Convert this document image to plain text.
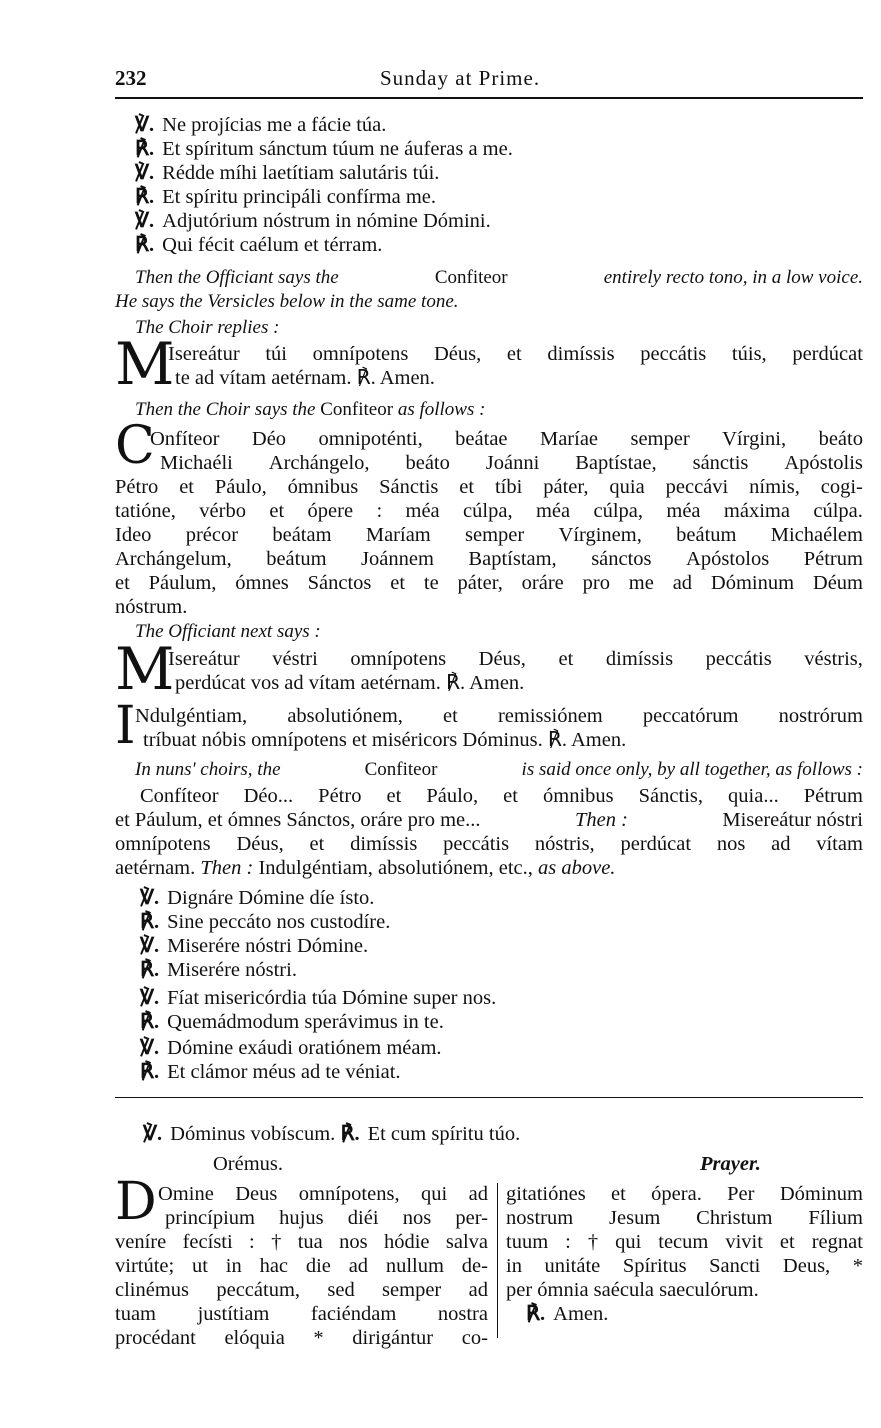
232	Sunday at Prime.
℣. Ne projícias me a fácie túa.
℟. Et spíritum sánctum túum ne áuferas a me.
℣. Rédde míhi laetítiam salutáris túi.
℟. Et spíritu principáli confírma me.
℣. Adjutórium nóstrum in nómine Dómini.
℟. Qui fécit caélum et térram.
Then the Officiant says the	Confiteor	entirely recto tono, in a low voice.
He says the Versicles below in the same tone.
The Choir replies :
M
Isereátur túi omnípotens Déus, et dimíssis peccátis túis, perdúcat
te ad vítam aetérnam. ℟. Amen.
Then the Choir says the Confiteor as follows :
C
Onfíteor Déo omnipoténti, beátae Maríae semper Vírgini, beáto
Michaéli Archángelo, beáto Joánni Baptístae, sánctis Apóstolis
Pétro et Páulo, ómnibus Sánctis et tíbi páter, quia peccávi nímis, cogi-
tatióne, vérbo et ópere : méa cúlpa, méa cúlpa, méa máxima cúlpa.
Ideo précor beátam Maríam semper Vírginem, beátum Michaélem
Archángelum, beátum Joánnem Baptístam, sánctos Apóstolos Pétrum
et Páulum, ómnes Sánctos et te páter, oráre pro me ad Dóminum Déum
nóstrum.
The Officiant next says :
M
Isereátur véstri omnípotens Déus, et dimíssis peccátis véstris,
perdúcat vos ad vítam aetérnam. ℟. Amen.
I Ndulgéntiam, absolutiónem, et remissiónem peccatórum nostrórum
tríbuat nóbis omnípotens et miséricors Dóminus. ℟. Amen.
In nuns' choirs, the	Confiteor	is said once only, by all together, as follows :
Confíteor Déo... Pétro et Páulo, et ómnibus Sánctis, quia... Pétrum
et Páulum, et ómnes Sánctos, oráre pro me...	Then :	Misereátur nóstri
omnípotens Déus, et dimíssis peccátis nóstris, perdúcat nos ad vítam
aetérnam. Then : Indulgéntiam, absolutiónem, etc., as above.
℣. Dignáre Dómine díe ísto.
℟. Sine peccáto nos custodíre.
℣. Miserére nóstri Dómine.
℟. Miserére nóstri.
℣. Fíat misericórdia túa Dómine super nos.
℟. Quemádmodum sperávimus in te.
℣. Dómine exáudi oratiónem méam.
℟. Et clámor méus ad te véniat.
℣. Dóminus vobíscum. ℟. Et cum spíritu túo.
Orémus.	Prayer.
D Omine Deus omnípotens, qui ad
princípium hujus diéi nos per-
veníre fecísti : † tua nos hódie salva
virtúte; ut in hac die ad nullum de-
clinémus peccátum, sed semper ad
tuam justítiam faciéndam nostra
procédant elóquia * dirigántur co-
gitatiónes et ópera. Per Dóminum
nostrum Jesum Christum Fílium
tuum : † qui tecum vivit et regnat
in unitáte Spíritus Sancti Deus, *
per ómnia saécula saeculórum.
℟. Amen.
